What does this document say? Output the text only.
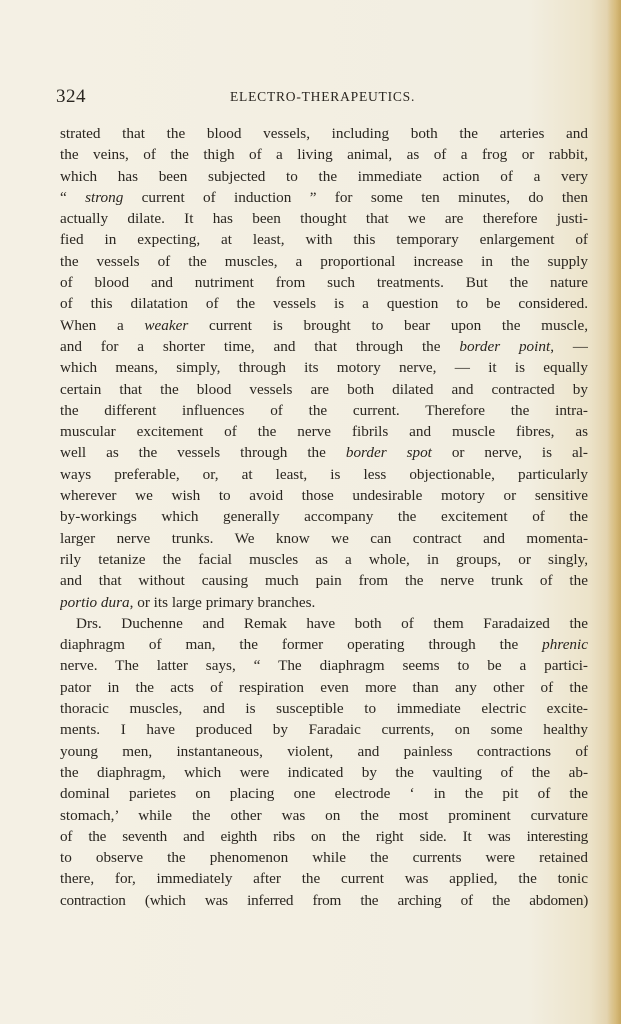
324	ELECTRO-THERAPEUTICS.
strated that the blood vessels, including both the arteries and
the veins, of the thigh of a living animal, as of a frog or rabbit,
which has been subjected to the immediate action of a very
“ strong current of induction ” for some ten minutes, do then
actually dilate. It has been thought that we are therefore justi-
fied in expecting, at least, with this temporary enlargement of
the vessels of the muscles, a proportional increase in the supply
of blood and nutriment from such treatments. But the nature
of this dilatation of the vessels is a question to be considered.
When a weaker current is brought to bear upon the muscle,
and for a shorter time, and that through the border point, —
which means, simply, through its motory nerve, — it is equally
certain that the blood vessels are both dilated and contracted by
the different influences of the current. Therefore the intra-
muscular excitement of the nerve fibrils and muscle fibres, as
well as the vessels through the border spot or nerve, is al-
ways preferable, or, at least, is less objectionable, particularly
wherever we wish to avoid those undesirable motory or sensitive
by-workings which generally accompany the excitement of the
larger nerve trunks. We know we can contract and momenta-
rily tetanize the facial muscles as a whole, in groups, or singly,
and that without causing much pain from the nerve trunk of the
portio dura, or its large primary branches.
Drs. Duchenne and Remak have both of them Faradaized the
diaphragm of man, the former operating through the phrenic
nerve. The latter says, “ The diaphragm seems to be a partici-
pator in the acts of respiration even more than any other of the
thoracic muscles, and is susceptible to immediate electric excite-
ments. I have produced by Faradaic currents, on some healthy
young men, instantaneous, violent, and painless contractions of
the diaphragm, which were indicated by the vaulting of the ab-
dominal parietes on placing one electrode ‘ in the pit of the
stomach,’ while the other was on the most prominent curvature
of the seventh and eighth ribs on the right side. It was interesting
to observe the phenomenon while the currents were retained
there, for, immediately after the current was applied, the tonic
contraction (which was inferred from the arching of the abdomen)
